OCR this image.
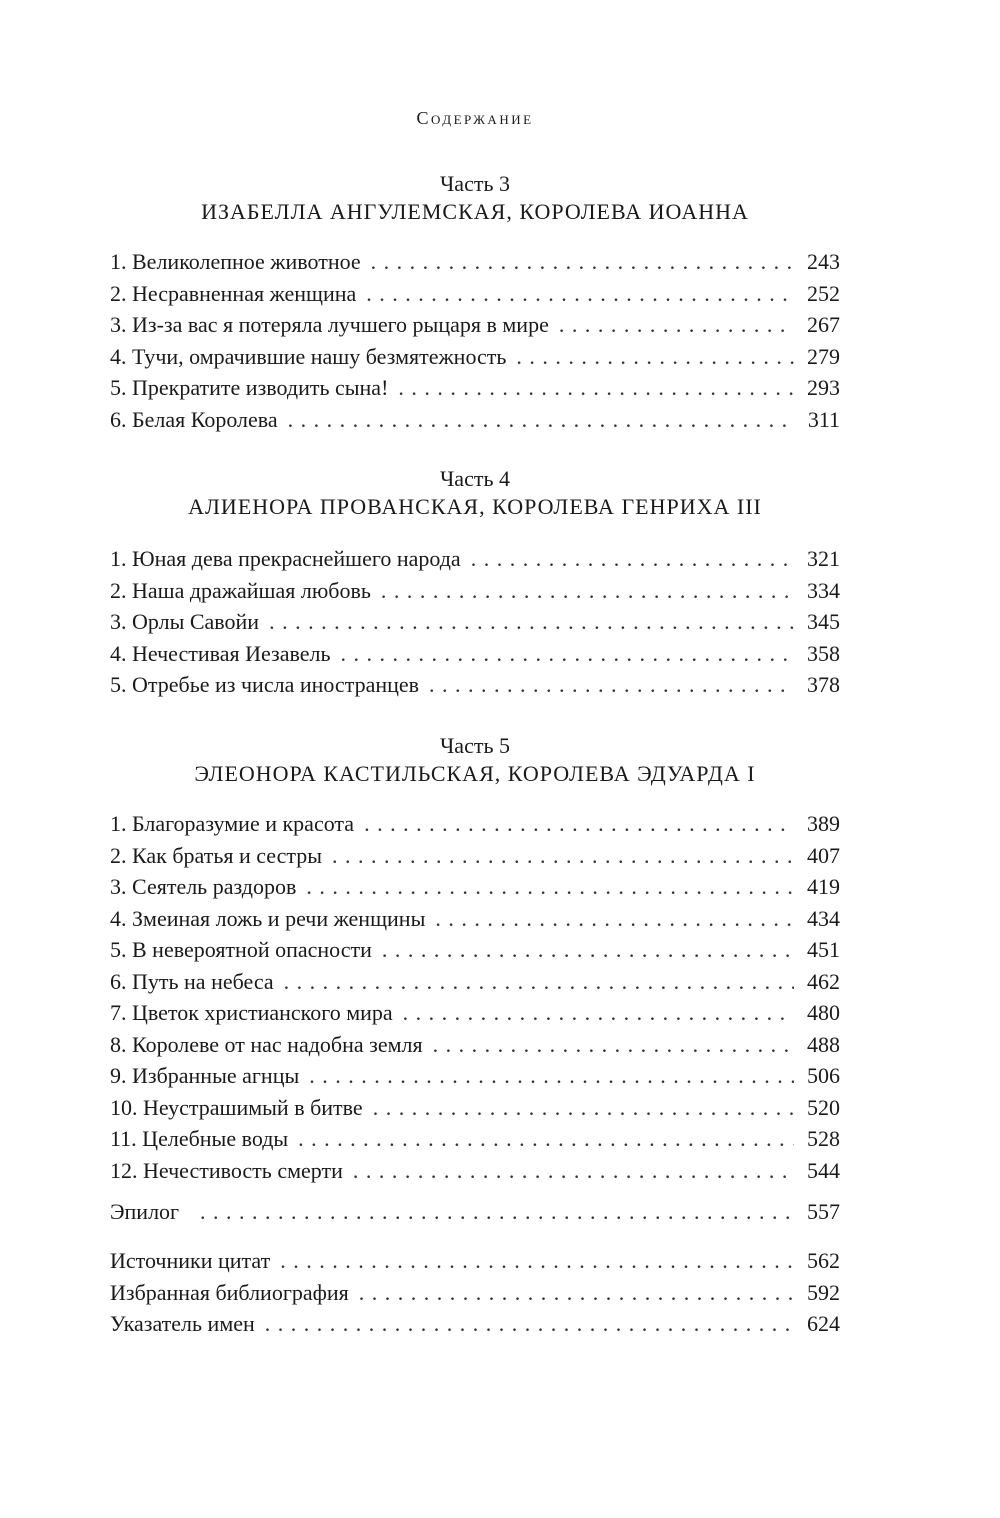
Содержание
Часть 3
ИЗАБЕЛЛА АНГУЛЕМСКАЯ, КОРОЛЕВА ИОАННА
1. Великолепное животное . . .	243
2. Несравненная женщина . . .	252
3. Из-за вас я потеряла лучшего рыцаря в мире . . .	267
4. Тучи, омрачившие нашу безмятежность . . .	279
5. Прекратите изводить сына! . . .	293
6. Белая Королева . . .	311
Часть 4
АЛИЕНОРА ПРОВАНСКАЯ, КОРОЛЕВА ГЕНРИХА III
1. Юная дева прекраснейшего народа . . .	321
2. Наша дражайшая любовь . . .	334
3. Орлы Савойи . . .	345
4. Нечестивая Иезавель . . .	358
5. Отребье из числа иностранцев . . .	378
Часть 5
ЭЛЕОНОРА КАСТИЛЬСКАЯ, КОРОЛЕВА ЭДУАРДА I
1. Благоразумие и красота . . .	389
2. Как братья и сестры . . .	407
3. Сеятель раздоров . . .	419
4. Змеиная ложь и речи женщины . . .	434
5. В невероятной опасности . . .	451
6. Путь на небеса . . .	462
7. Цветок христианского мира . . .	480
8. Королеве от нас надобна земля . . .	488
9. Избранные агнцы . . .	506
10. Неустрашимый в битве . . .	520
11. Целебные воды . . .	528
12. Нечестивость смерти . . .	544
Эпилог . . .	557
Источники цитат . . .	562
Избранная библиография . . .	592
Указатель имен . . .	624
